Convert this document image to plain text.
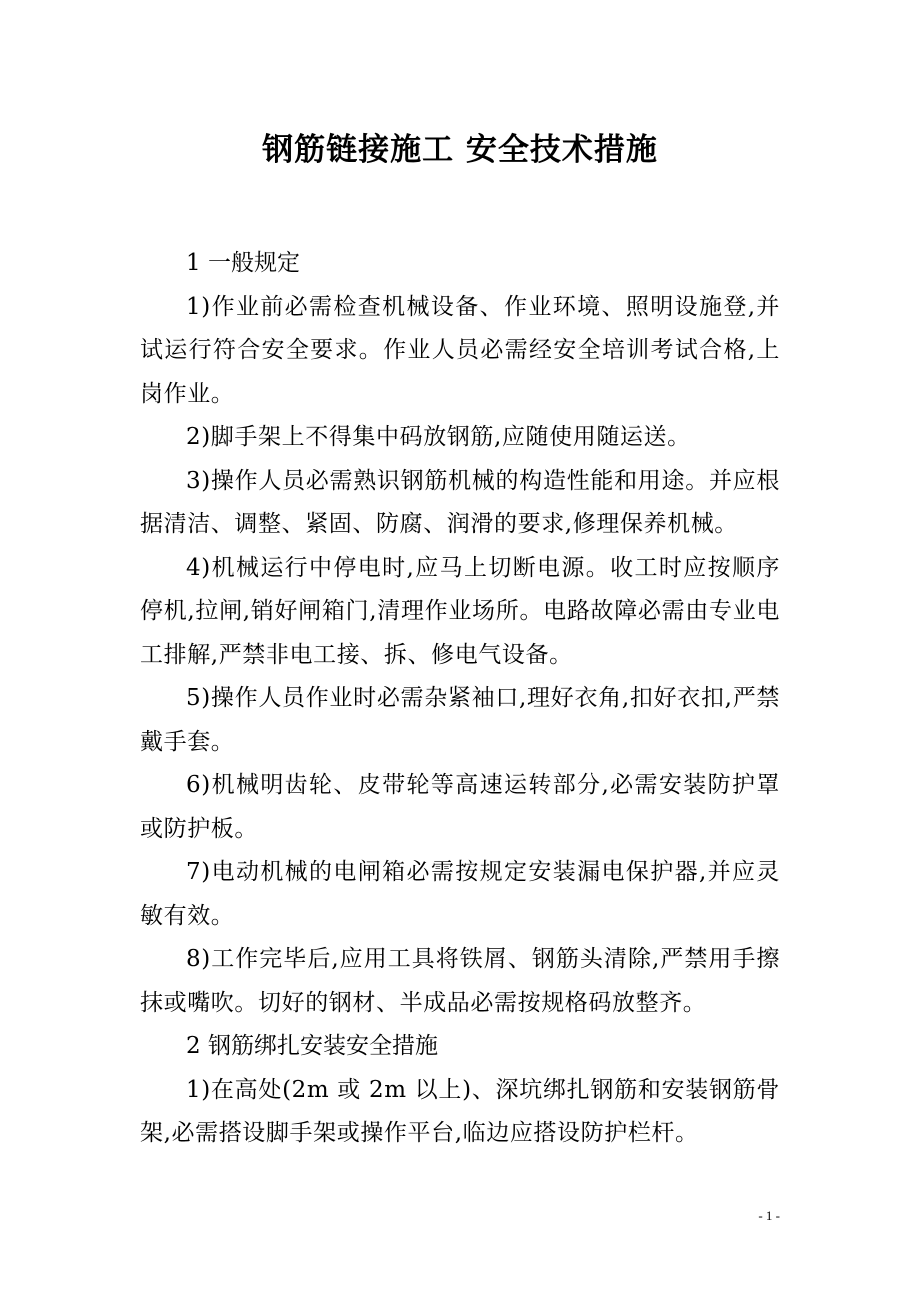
钢筋链接施工 安全技术措施

1 一般规定

1)作业前必需检查机械设备、作业环境、照明设施登,并试运行符合安全要求。作业人员必需经安全培训考试合格,上岗作业。

2)脚手架上不得集中码放钢筋,应随使用随运送。

3)操作人员必需熟识钢筋机械的构造性能和用途。并应根据清洁、调整、紧固、防腐、润滑的要求,修理保养机械。

4)机械运行中停电时,应马上切断电源。收工时应按顺序停机,拉闸,销好闸箱门,清理作业场所。电路故障必需由专业电工排解,严禁非电工接、拆、修电气设备。

5)操作人员作业时必需杂紧袖口,理好衣角,扣好衣扣,严禁戴手套。

6)机械明齿轮、皮带轮等高速运转部分,必需安装防护罩或防护板。

7)电动机械的电闸箱必需按规定安装漏电保护器,并应灵敏有效。

8)工作完毕后,应用工具将铁屑、钢筋头清除,严禁用手擦抹或嘴吹。切好的钢材、半成品必需按规格码放整齐。

2 钢筋绑扎安装安全措施

1)在高处(2m 或 2m 以上)、深坑绑扎钢筋和安装钢筋骨架,必需搭设脚手架或操作平台,临边应搭设防护栏杆。

- 1 -
